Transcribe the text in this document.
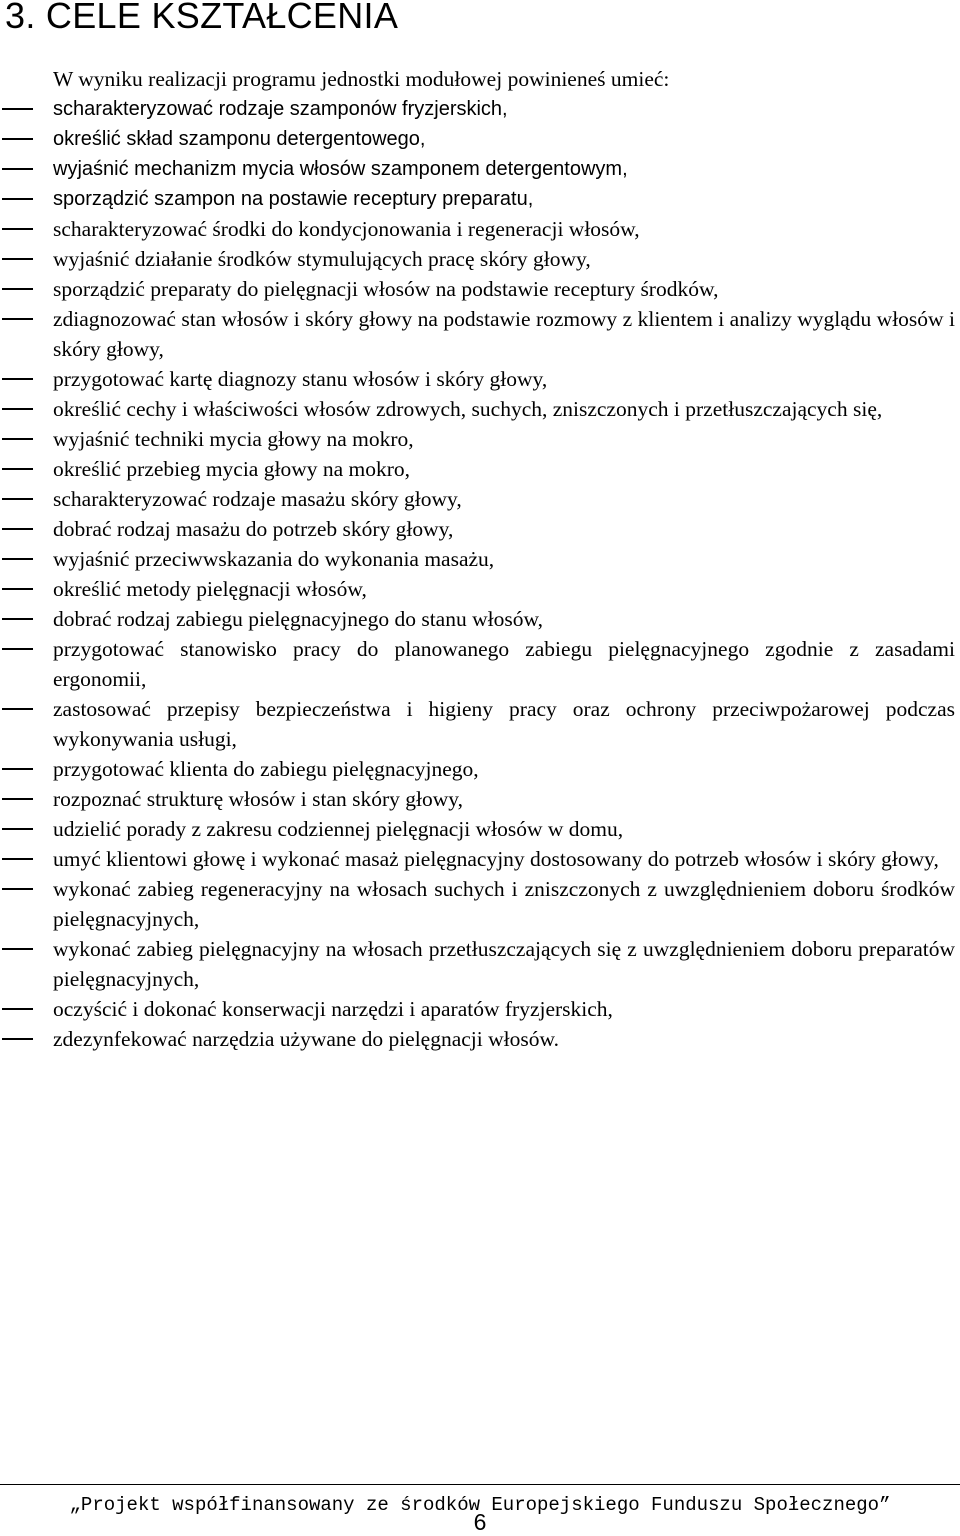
3. CELE KSZTAŁCENIA

W wyniku realizacji programu jednostki modułowej powinieneś umieć:

scharakteryzować rodzaje szamponów fryzjerskich,
określić skład szamponu detergentowego,
wyjaśnić mechanizm mycia włosów szamponem detergentowym,
sporządzić szampon na postawie receptury preparatu,
scharakteryzować środki do kondycjonowania i regeneracji włosów,
wyjaśnić działanie środków stymulujących pracę skóry głowy,
sporządzić preparaty do pielęgnacji włosów na podstawie receptury środków,
zdiagnozować stan włosów i skóry głowy na podstawie rozmowy z klientem i analizy wyglądu włosów i skóry głowy,
przygotować kartę diagnozy stanu włosów i skóry głowy,
określić cechy i właściwości włosów zdrowych, suchych, zniszczonych i przetłuszczających się,
wyjaśnić techniki mycia głowy na mokro,
określić przebieg mycia głowy na mokro,
scharakteryzować rodzaje masażu skóry głowy,
dobrać rodzaj masażu do potrzeb skóry głowy,
wyjaśnić przeciwwskazania do wykonania masażu,
określić metody pielęgnacji włosów,
dobrać rodzaj zabiegu pielęgnacyjnego do stanu włosów,
przygotować stanowisko pracy do planowanego zabiegu pielęgnacyjnego zgodnie z zasadami ergonomii,
zastosować przepisy bezpieczeństwa i higieny pracy oraz ochrony przeciwpożarowej podczas wykonywania usługi,
przygotować klienta do zabiegu pielęgnacyjnego,
rozpoznać strukturę włosów i stan skóry głowy,
udzielić porady z zakresu codziennej pielęgnacji włosów w domu,
umyć klientowi głowę i wykonać masaż pielęgnacyjny dostosowany do potrzeb włosów i skóry głowy,
wykonać zabieg regeneracyjny na włosach suchych i zniszczonych z uwzględnieniem doboru środków pielęgnacyjnych,
wykonać zabieg pielęgnacyjny na włosach przetłuszczających się z uwzględnieniem doboru preparatów pielęgnacyjnych,
oczyścić i dokonać konserwacji narzędzi i aparatów fryzjerskich,
zdezynfekować narzędzia używane do pielęgnacji włosów.
„Projekt współfinansowany ze środków Europejskiego Funduszu Społecznego”
6
